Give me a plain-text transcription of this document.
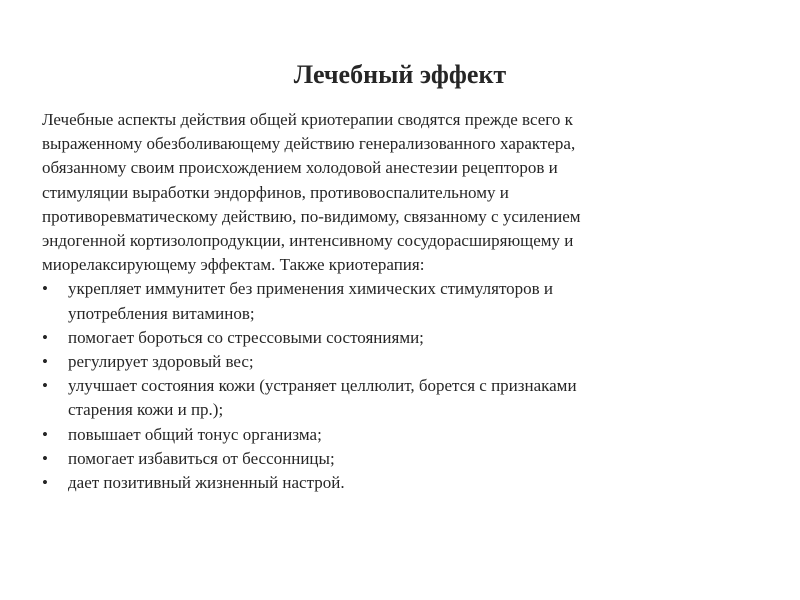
Лечебный эффект
Лечебные аспекты действия общей криотерапии сводятся прежде всего к
выраженному обезболивающему действию генерализованного характера,
обязанному своим происхождением холодовой анестезии рецепторов и
стимуляции выработки эндорфинов, противовоспалительному и
противоревматическому действию, по-видимому, связанному с усилением
эндогенной кортизолопродукции, интенсивному сосудорасширяющему и
миорелаксирующему эффектам. Также криотерапия:
•	укрепляет иммунитет без применения химических стимуляторов и
употребления витаминов;
•	помогает бороться со стрессовыми состояниями;
•	регулирует здоровый вес;
•	улучшает состояния кожи (устраняет целлюлит, борется с признаками
старения кожи и пр.);
•	повышает общий тонус организма;
•	помогает избавиться от бессонницы;
•	дает позитивный жизненный настрой.
